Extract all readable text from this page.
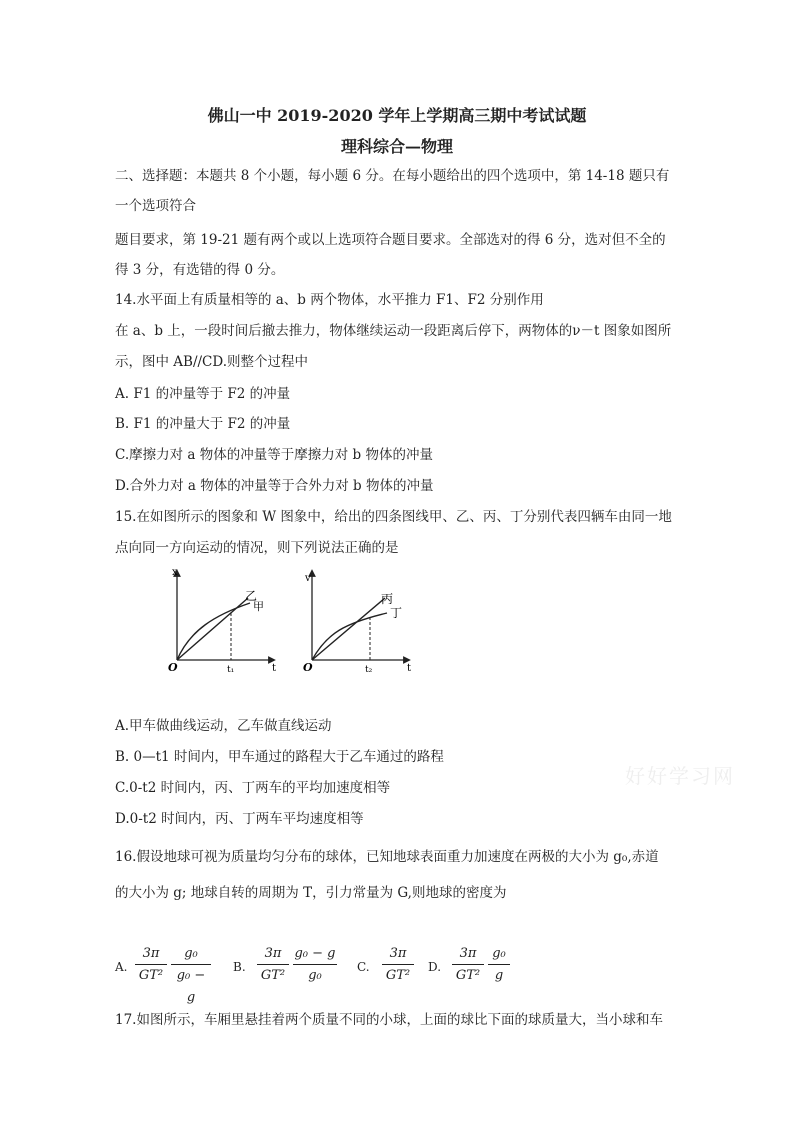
佛山一中 2019-2020 学年上学期高三期中考试试题
理科综合—物理
二、选择题：本题共 8 个小题，每小题 6 分。在每小题给出的四个选项中，第 14-18 题只有
一个选项符合
题目要求，第 19-21 题有两个或以上选项符合题目要求。全部选对的得 6 分，选对但不全的
得 3 分，有选错的得 0 分。
14.水平面上有质量相等的 a、b 两个物体，水平推力 F1、F2 分别作用
在 a、b 上，一段时间后撤去推力，物体继续运动一段距离后停下，两物体的ν－t 图象如图所
示，图中 AB//CD.则整个过程中
A. F1 的冲量等于 F2 的冲量
B. F1 的冲量大于 F2 的冲量
C.摩擦力对 a 物体的冲量等于摩擦力对 b 物体的冲量
D.合外力对 a 物体的冲量等于合外力对 b 物体的冲量
15.在如图所示的图象和 W 图象中，给出的四条图线甲、乙、丙、丁分别代表四辆车由同一地
点向同一方向运动的情况，则下列说法正确的是
x
t
O	t₁
乙
甲
v
t
O	t₂
丙
丁
A.甲车做曲线运动，乙车做直线运动
B. 0—t1 时间内，甲车通过的路程大于乙车通过的路程
C.0-t2 时间内，丙、丁两车的平均加速度相等
D.0-t2 时间内，丙、丁两车平均速度相等
16.假设地球可视为质量均匀分布的球体，已知地球表面重力加速度在两极的大小为 g₀,赤道
的大小为 g; 地球自转的周期为 T，引力常量为 G,则地球的密度为
A.
3π
GT²
g₀
g₀ − g
B.
3π
GT²
g₀ − g
g₀
C.
3π
GT²
D.
3π
GT²
g₀
g
17.如图所示，车厢里悬挂着两个质量不同的小球，上面的球比下面的球质量大，当小球和车
好好学习网
